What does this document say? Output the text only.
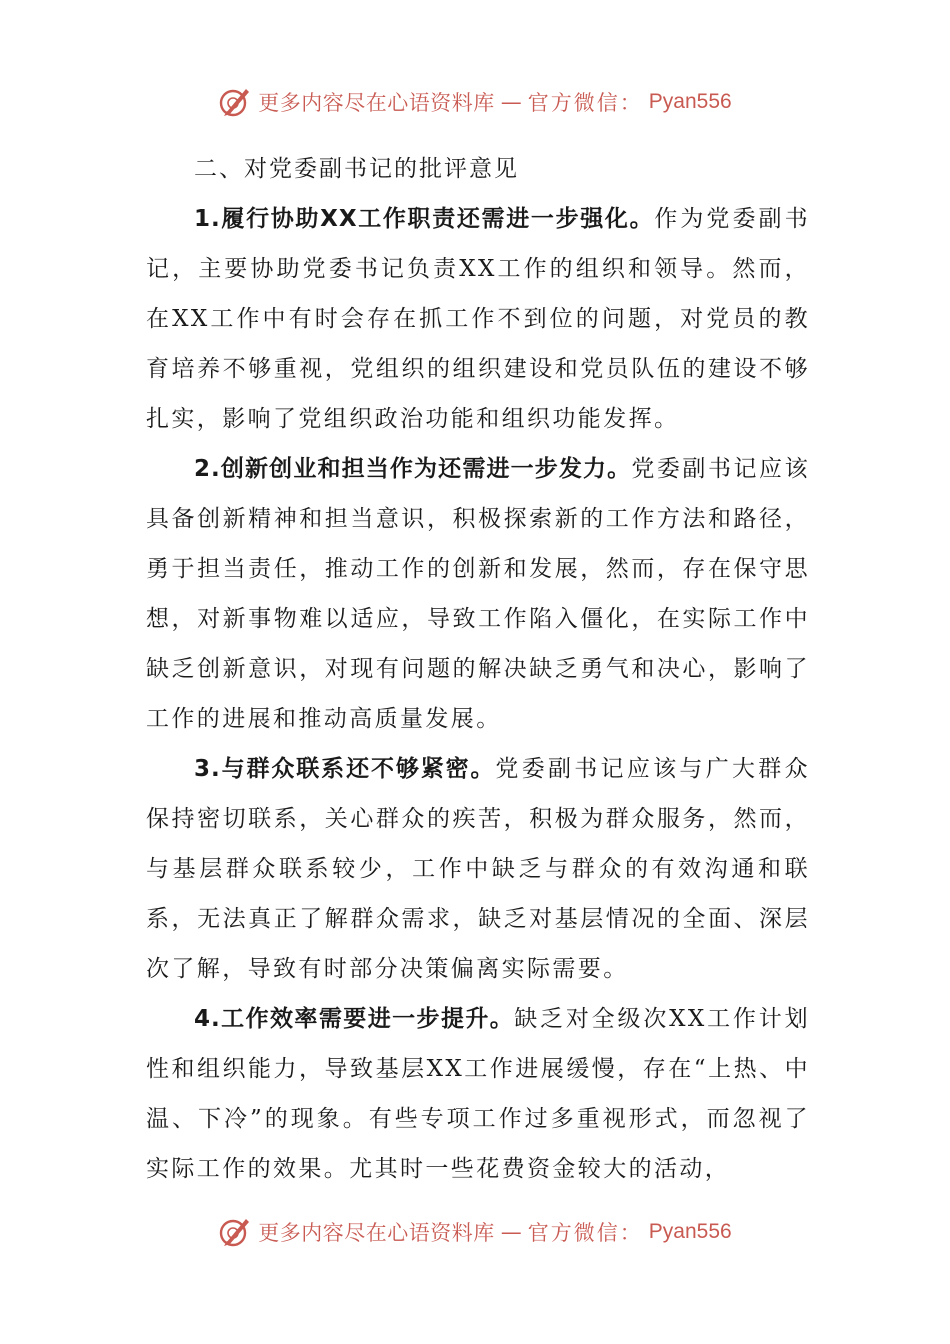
更多内容尽在心语资料库 — 官方微信： Pyan556
二、对党委副书记的批评意见

1.履行协助XX工作职责还需进一步强化。作为党委副书记，主要协助党委书记负责XX工作的组织和领导。然而，在XX工作中有时会存在抓工作不到位的问题，对党员的教育培养不够重视，党组织的组织建设和党员队伍的建设不够扎实，影响了党组织政治功能和组织功能发挥。

2.创新创业和担当作为还需进一步发力。党委副书记应该具备创新精神和担当意识，积极探索新的工作方法和路径，勇于担当责任，推动工作的创新和发展，然而，存在保守思想，对新事物难以适应，导致工作陷入僵化，在实际工作中缺乏创新意识，对现有问题的解决缺乏勇气和决心，影响了工作的进展和推动高质量发展。

3.与群众联系还不够紧密。党委副书记应该与广大群众保持密切联系，关心群众的疾苦，积极为群众服务，然而，与基层群众联系较少，工作中缺乏与群众的有效沟通和联系，无法真正了解群众需求，缺乏对基层情况的全面、深层次了解，导致有时部分决策偏离实际需要。

4.工作效率需要进一步提升。缺乏对全级次XX工作计划性和组织能力，导致基层XX工作进展缓慢，存在“上热、中温、下冷”的现象。有些专项工作过多重视形式，而忽视了实际工作的效果。尤其时一些花费资金较大的活动，

更多内容尽在心语资料库 — 官方微信： Pyan556
